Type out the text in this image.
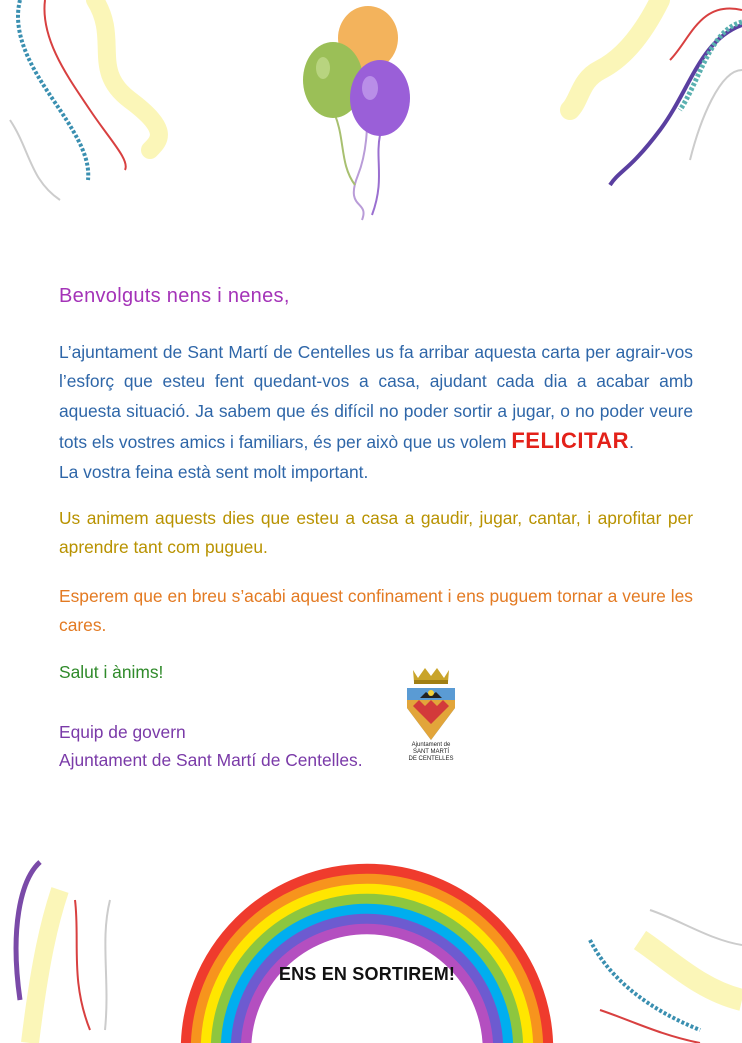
Benvolguts nens i nenes,
L’ajuntament de Sant Martí de Centelles us fa arribar aquesta carta per agrair-vos l’esforç que esteu fent quedant-vos a casa, ajudant cada dia a acabar amb aquesta situació. Ja sabem que és difícil no poder sortir a jugar, o no poder veure tots els vostres amics i familiars, és per això que us volem FELICITAR.
La vostra feina està sent molt important.
Us animem aquests dies que esteu a casa a gaudir, jugar, cantar, i aprofitar per aprendre tant com pugueu.
Esperem que en breu s’acabi aquest confinament i ens puguem tornar a veure les cares.
Salut i ànims!
Equip de govern
Ajuntament de Sant Martí de Centelles.
Ajuntament de
SANT MARTÍ
DE CENTELLES
ENS EN SORTIREM!
